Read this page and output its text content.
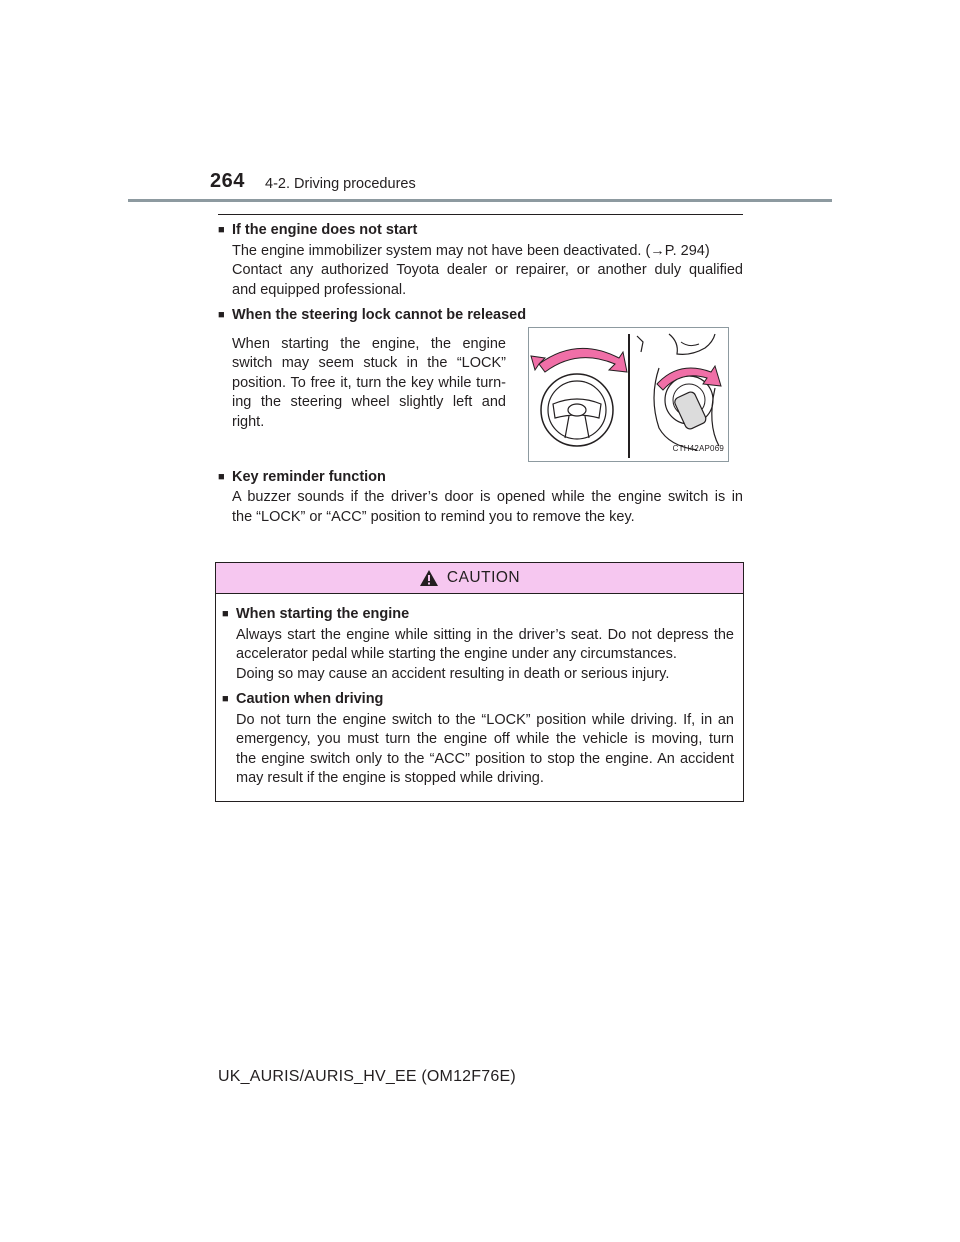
264 4-2. Driving procedures

■ If the engine does not start

The engine immobilizer system may not have been deactivated. (→P. 294)
Contact any authorized Toyota dealer or repairer, or another duly qualified
and equipped professional.

■ When the steering lock cannot be released

When starting the engine, the engine
switch may seem stuck in the “LOCK”
position. To free it, turn the key while turn-
ing the steering wheel slightly left and
right.
CTH42AP069

■ Key reminder function

A buzzer sounds if the driver’s door is opened while the engine switch is in
the “LOCK” or “ACC” position to remind you to remove the key.
CAUTION

■ When starting the engine

Always start the engine while sitting in the driver’s seat. Do not depress the
accelerator pedal while starting the engine under any circumstances.
Doing so may cause an accident resulting in death or serious injury.

■ Caution when driving

Do not turn the engine switch to the “LOCK” position while driving. If, in an
emergency, you must turn the engine off while the vehicle is moving, turn
the engine switch only to the “ACC” position to stop the engine. An accident
may result if the engine is stopped while driving.
UK_AURIS/AURIS_HV_EE (OM12F76E)
